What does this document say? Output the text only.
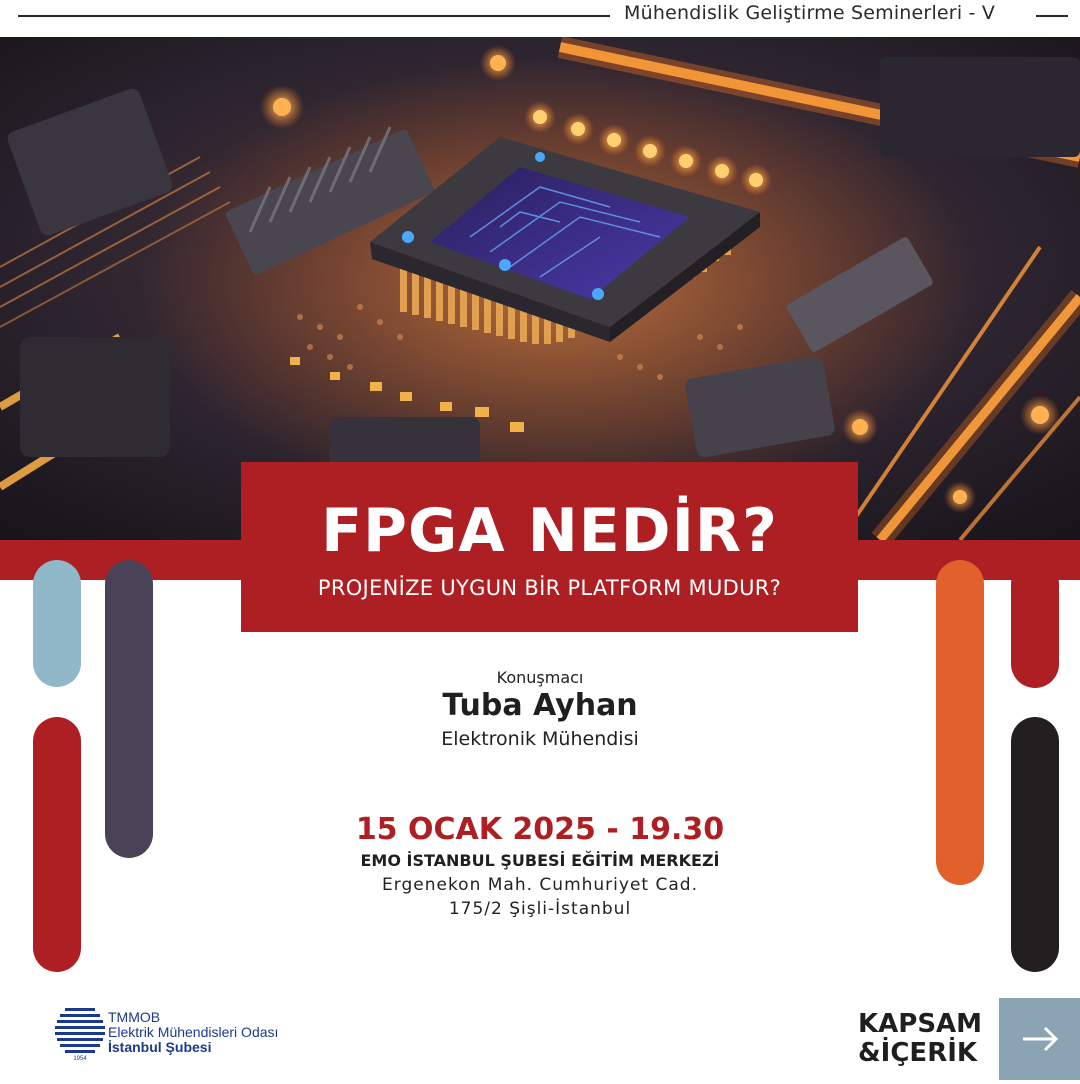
Mühendislik Geliştirme Seminerleri - V
FPGA NEDİR?
PROJENİZE UYGUN BİR PLATFORM MUDUR?
Konuşmacı
Tuba Ayhan
Elektronik Mühendisi
15 OCAK 2025 - 19.30
EMO İSTANBUL ŞUBESİ EĞİTİM MERKEZİ
Ergenekon Mah. Cumhuriyet Cad.
175/2 Şişli-İstanbul
1954
TMMOB
Elektrik Mühendisleri Odası
İstanbul Şubesi
KAPSAM
&İÇERİK
